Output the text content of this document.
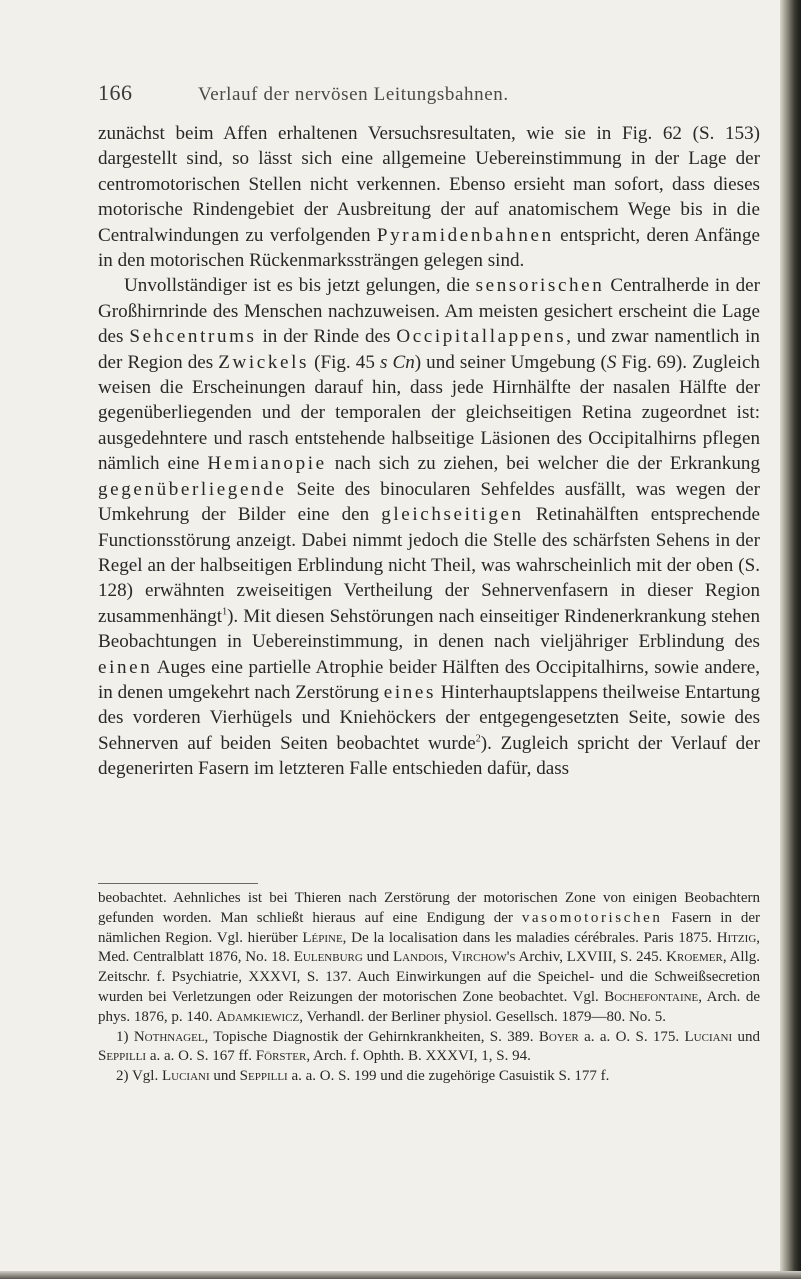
166	Verlauf der nervösen Leitungsbahnen.

zunächst beim Affen erhaltenen Versuchsresultaten, wie sie in Fig. 62 (S. 153) dargestellt sind, so lässt sich eine allgemeine Uebereinstimmung in der Lage der centromotorischen Stellen nicht verkennen. Ebenso ersieht man sofort, dass dieses motorische Rindengebiet der Ausbreitung der auf anatomischem Wege bis in die Centralwindungen zu verfolgenden Pyramidenbahnen entspricht, deren Anfänge in den motorischen Rückenmarkssträngen gelegen sind.

Unvollständiger ist es bis jetzt gelungen, die sensorischen Centralherde in der Großhirnrinde des Menschen nachzuweisen. Am meisten gesichert erscheint die Lage des Sehcentrums in der Rinde des Occipitallappens, und zwar namentlich in der Region des Zwickels (Fig. 45 s Cn) und seiner Umgebung (S Fig. 69). Zugleich weisen die Erscheinungen darauf hin, dass jede Hirnhälfte der nasalen Hälfte der gegenüberliegenden und der temporalen der gleichseitigen Retina zugeordnet ist: ausgedehntere und rasch entstehende halbseitige Läsionen des Occipitalhirns pflegen nämlich eine Hemianopie nach sich zu ziehen, bei welcher die der Erkrankung gegenüberliegende Seite des binocularen Sehfeldes ausfällt, was wegen der Umkehrung der Bilder eine den gleichseitigen Retinahälften entsprechende Functionsstörung anzeigt. Dabei nimmt jedoch die Stelle des schärfsten Sehens in der Regel an der halbseitigen Erblindung nicht Theil, was wahrscheinlich mit der oben (S. 128) erwähnten zweiseitigen Vertheilung der Sehnervenfasern in dieser Region zusammenhängt$^1$). Mit diesen Sehstörungen nach einseitiger Rindenerkrankung stehen Beobachtungen in Uebereinstimmung, in denen nach vieljähriger Erblindung des einen Auges eine partielle Atrophie beider Hälften des Occipitalhirns, sowie andere, in denen umgekehrt nach Zerstörung eines Hinterhauptslappens theilweise Entartung des vorderen Vierhügels und Kniehöckers der entgegengesetzten Seite, sowie des Sehnerven auf beiden Seiten beobachtet wurde$^2$). Zugleich spricht der Verlauf der degenerirten Fasern im letzteren Falle entschieden dafür, dass

beobachtet. Aehnliches ist bei Thieren nach Zerstörung der motorischen Zone von einigen Beobachtern gefunden worden. Man schließt hieraus auf eine Endigung der vasomotorischen Fasern in der nämlichen Region. Vgl. hierüber Lépine, De la localisation dans les maladies cérébrales. Paris 1875. Hitzig, Med. Centralblatt 1876, No. 18. Eulenburg und Landois, Virchow's Archiv, LXVIII, S. 245. Kroemer, Allg. Zeitschr. f. Psychiatrie, XXXVI, S. 137. Auch Einwirkungen auf die Speichel- und die Schweißsecretion wurden bei Verletzungen oder Reizungen der motorischen Zone beobachtet. Vgl. Bochefontaine, Arch. de phys. 1876, p. 140. Adamkiewicz, Verhandl. der Berliner physiol. Gesellsch. 1879—80. No. 5.

1) Nothnagel, Topische Diagnostik der Gehirnkrankheiten, S. 389. Boyer a. a. O. S. 175. Luciani und Seppilli a. a. O. S. 167 ff. Förster, Arch. f. Ophth. B. XXXVI, 1, S. 94.

2) Vgl. Luciani und Seppilli a. a. O. S. 199 und die zugehörige Casuistik S. 177 f.
